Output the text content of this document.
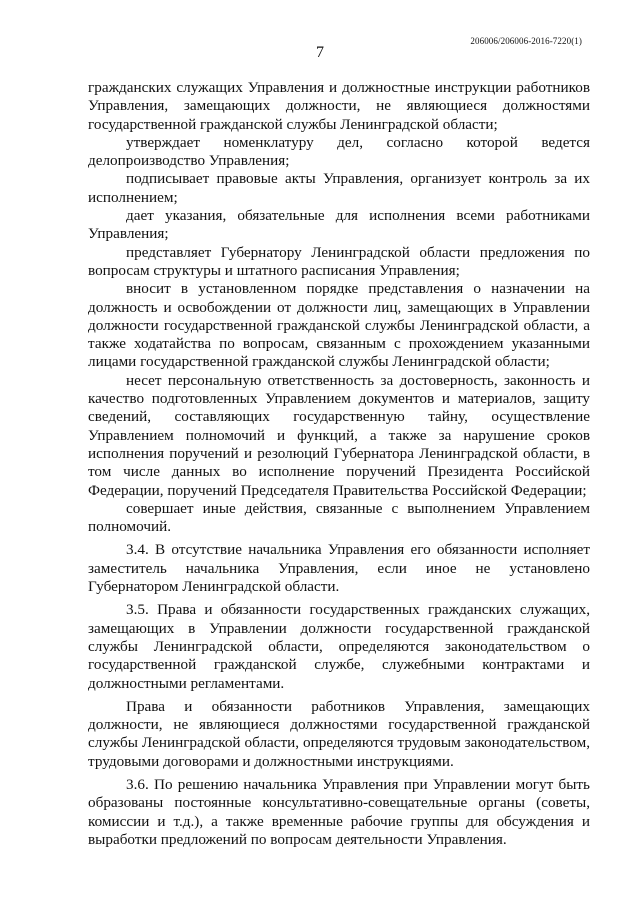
206006/206006-2016-7220(1)
7

гражданских служащих Управления и должностные инструкции работников Управления, замещающих должности, не являющиеся должностями государственной гражданской службы Ленинградской области;

утверждает номенклатуру дел, согласно которой ведется делопроизводство Управления;

подписывает правовые акты Управления, организует контроль за их исполнением;

дает указания, обязательные для исполнения всеми работниками Управления;

представляет Губернатору Ленинградской области предложения по вопросам структуры и штатного расписания Управления;

вносит в установленном порядке представления о назначении на должность и освобождении от должности лиц, замещающих в Управлении должности государственной гражданской службы Ленинградской области, а также ходатайства по вопросам, связанным с прохождением указанными лицами государственной гражданской службы Ленинградской области;

несет персональную ответственность за достоверность, законность и качество подготовленных Управлением документов и материалов, защиту сведений, составляющих государственную тайну, осуществление Управлением полномочий и функций, а также за нарушение сроков исполнения поручений и резолюций Губернатора Ленинградской области, в том числе данных во исполнение поручений Президента Российской Федерации, поручений Председателя Правительства Российской Федерации;

совершает иные действия, связанные с выполнением Управлением полномочий.

3.4. В отсутствие начальника Управления его обязанности исполняет заместитель начальника Управления, если иное не установлено Губернатором Ленинградской области.

3.5. Права и обязанности государственных гражданских служащих, замещающих в Управлении должности государственной гражданской службы Ленинградской области, определяются законодательством о государственной гражданской службе, служебными контрактами и должностными регламентами.

Права и обязанности работников Управления, замещающих должности, не являющиеся должностями государственной гражданской службы Ленинградской области, определяются трудовым законодательством, трудовыми договорами и должностными инструкциями.

3.6. По решению начальника Управления при Управлении могут быть образованы постоянные консультативно-совещательные органы (советы, комиссии и т.д.), а также временные рабочие группы для обсуждения и выработки предложений по вопросам деятельности Управления.
